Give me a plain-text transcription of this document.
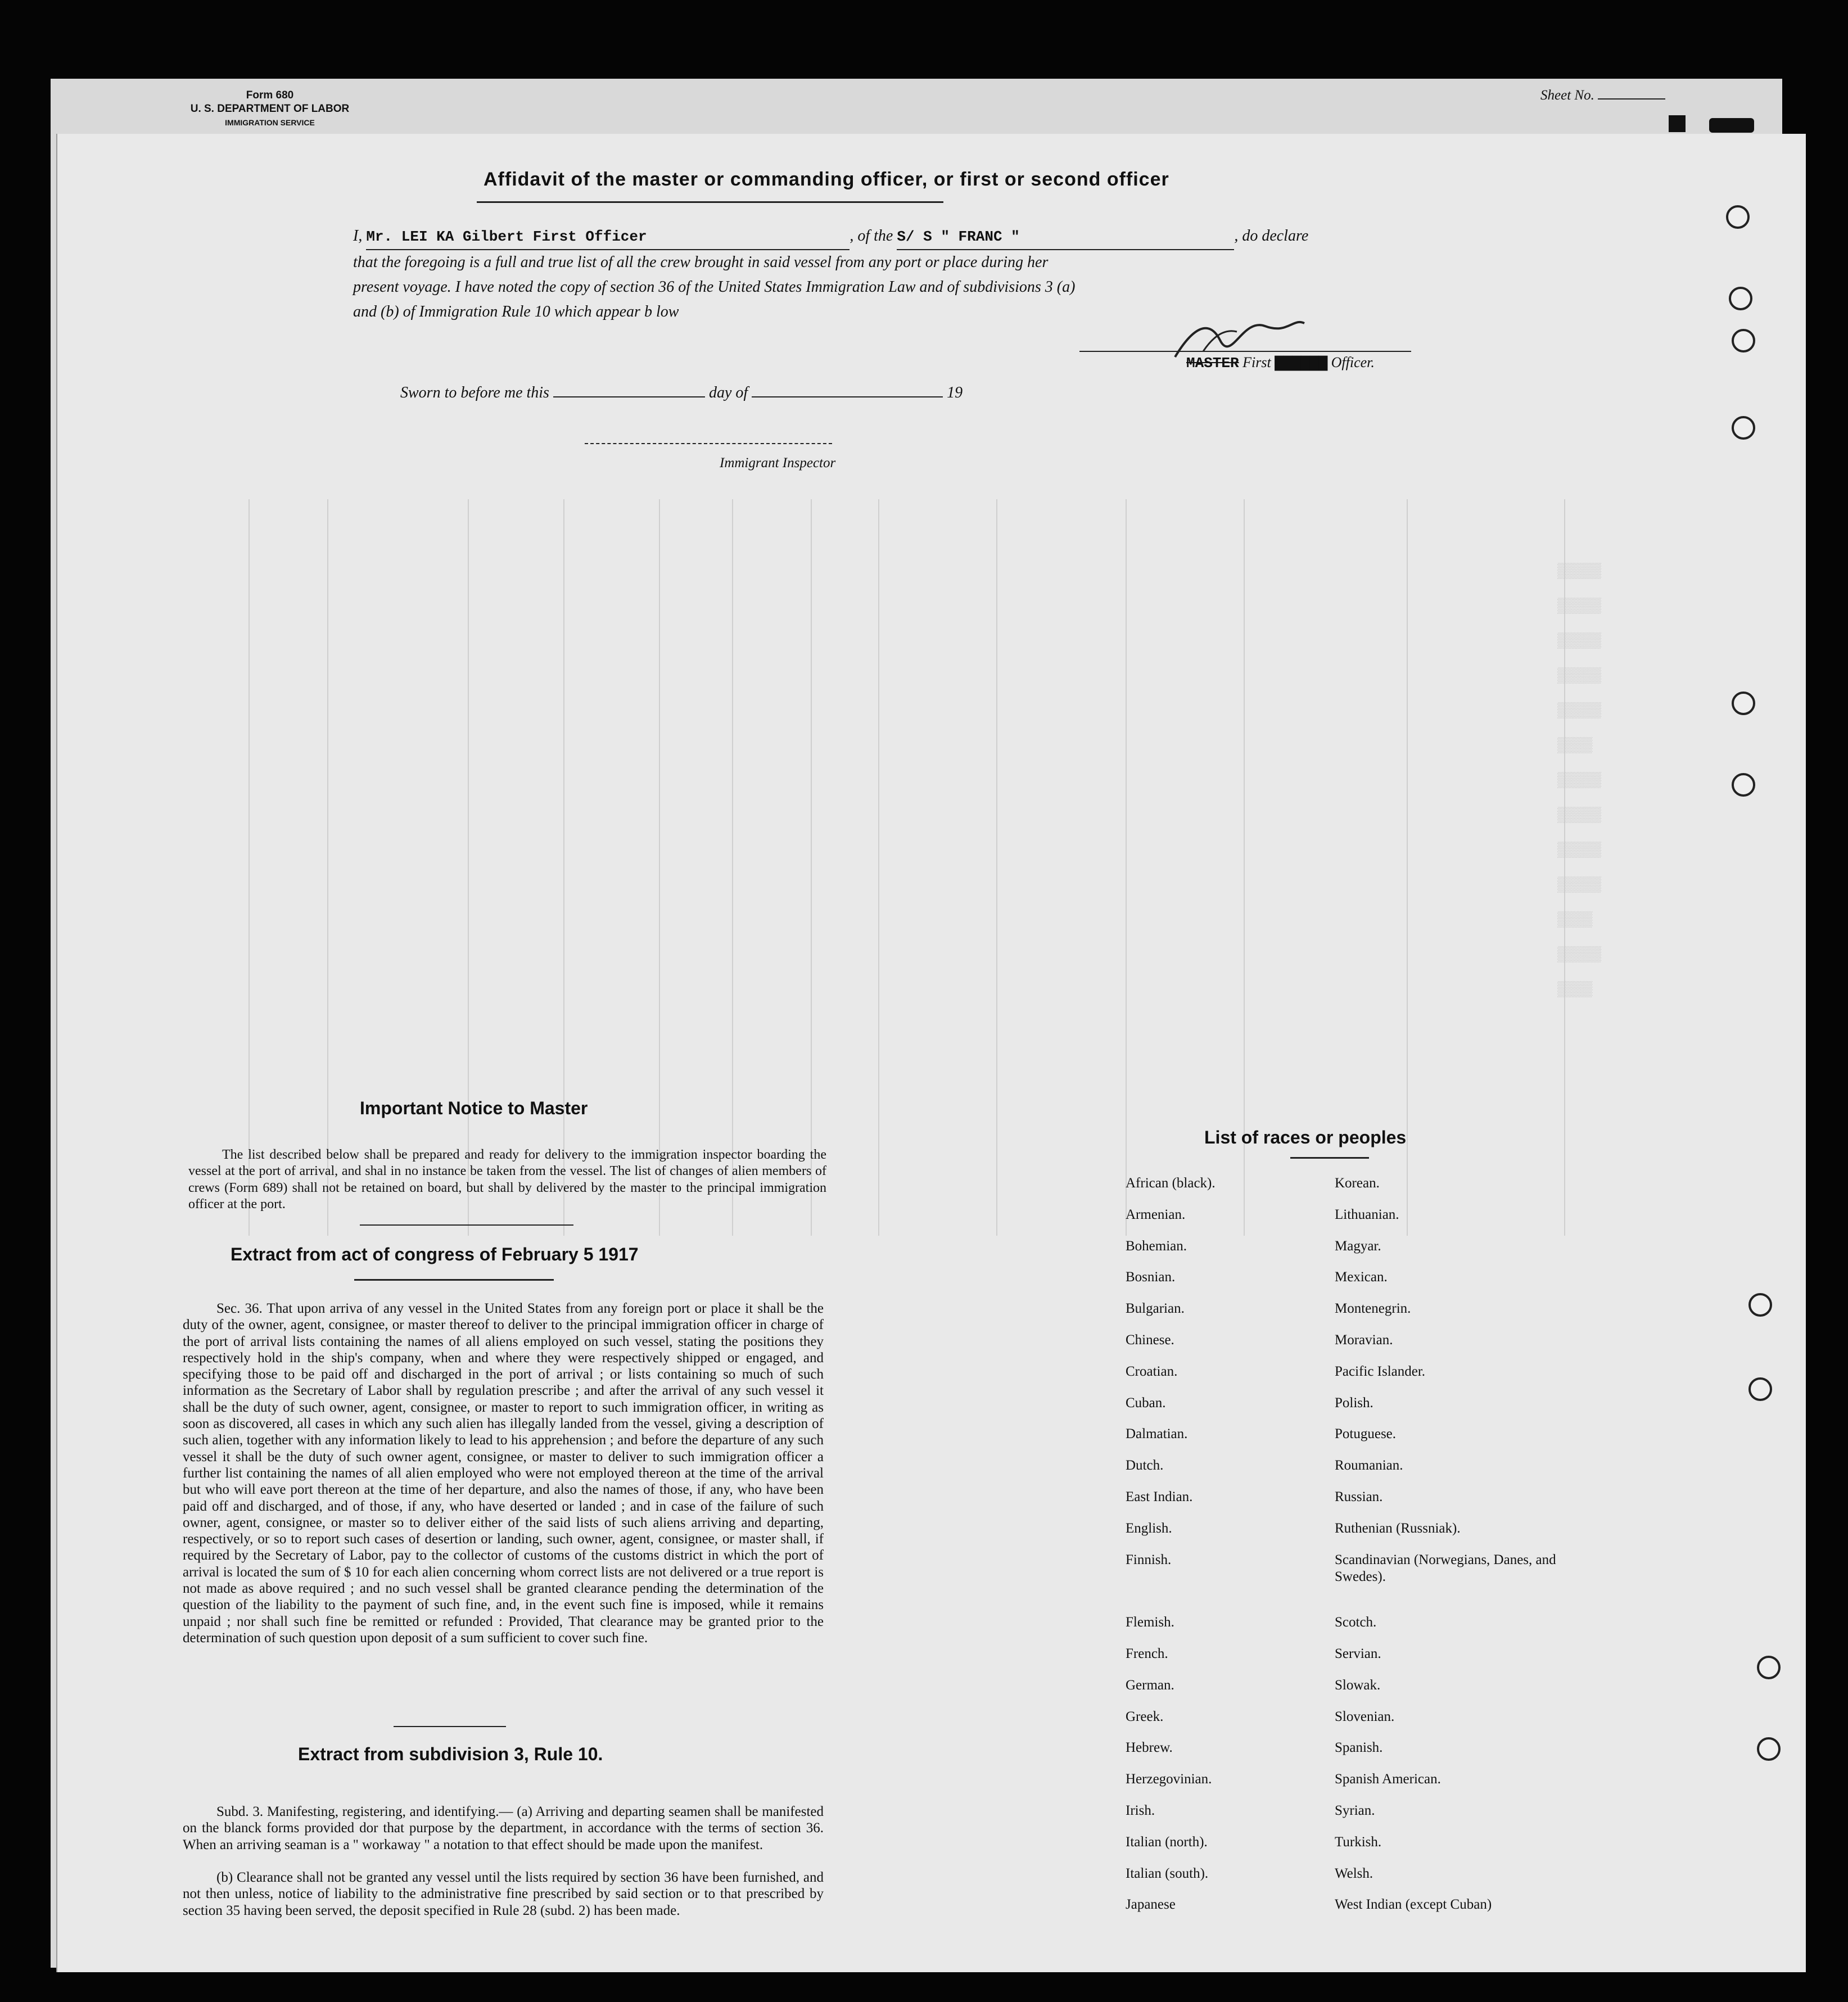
Form 680
U. S. DEPARTMENT OF LABOR
IMMIGRATION SERVICE
Sheet No.
Affidavit of the master or commanding officer, or first or second officer
I, Mr. LEI KA Gilbert First Officer	, of the S/ S " FRANC "	, do declare
that the foregoing is a full and true list of all the crew brought in said vessel from any port or place during her
present voyage. I have noted the copy of section 36 of the United States Immigration Law and of subdivisions 3 (a)
and (b) of Immigration Rule 10 which appear b low
MASTER First ▇▇▇▇▇▇ Officer.
Sworn to before me this	day of	19
Immigrant Inspector
▒▒▒▒▒
▒▒▒▒▒
▒▒▒▒▒
▒▒▒▒▒
▒▒▒▒▒
▒▒▒▒
▒▒▒▒▒
▒▒▒▒▒
▒▒▒▒▒
▒▒▒▒▒
▒▒▒▒
▒▒▒▒▒
▒▒▒▒
Important Notice to Master
The list described below shall be prepared and ready for delivery to the immigration inspector boarding the vessel at the port of arrival, and shal in no instance be taken from the vessel. The list of changes of alien members of crews (Form 689) shall not be retained on board, but shall by delivered by the master to the principal immigration officer at the port.
Extract from act of congress of February 5 1917
Sec. 36. That upon arriva of any vessel in the United States from any foreign port or place it shall be the duty of the owner, agent, consignee, or master thereof to deliver to the principal immigration officer in charge of the port of arrival lists containing the names of all aliens employed on such vessel, stating the positions they respectively hold in the ship's company, when and where they were respectively shipped or engaged, and specifying those to be paid off and discharged in the port of arrival ; or lists containing so much of such information as the Secretary of Labor shall by regulation prescribe ; and after the arrival of any such vessel it shall be the duty of such owner, agent, consignee, or master to report to such immigration officer, in writing as soon as discovered, all cases in which any such alien has illegally landed from the vessel, giving a description of such alien, together with any information likely to lead to his apprehension ; and before the departure of any such vessel it shall be the duty of such owner agent, consignee, or master to deliver to such immigration officer a further list containing the names of all alien employed who were not employed thereon at the time of the arrival but who will eave port thereon at the time of her departure, and also the names of those, if any, who have been paid off and discharged, and of those, if any, who have deserted or landed ; and in case of the failure of such owner, agent, consignee, or master so to deliver either of the said lists of such aliens arriving and departing, respectively, or so to report such cases of desertion or landing, such owner, agent, consignee, or master shall, if required by the Secretary of Labor, pay to the collector of customs of the customs district in which the port of arrival is located the sum of $ 10 for each alien concerning whom correct lists are not delivered or a true report is not made as above required ; and no such vessel shall be granted clearance pending the determination of the question of the liability to the payment of such fine, and, in the event such fine is imposed, while it remains unpaid ; nor shall such fine be remitted or refunded : Provided, That clearance may be granted prior to the determination of such question upon deposit of a sum sufficient to cover such fine.
Extract from subdivision 3, Rule 10.
Subd. 3. Manifesting, registering, and identifying.— (a) Arriving and departing seamen shall be manifested on the blanck forms provided dor that purpose by the department, in accordance with the terms of section 36. When an arriving seaman is a " workaway " a notation to that effect should be made upon the manifest.
(b) Clearance shall not be granted any vessel until the lists required by section 36 have been furnished, and not then unless, notice of liability to the administrative fine prescribed by said section or to that prescribed by section 35 having been served, the deposit specified in Rule 28 (subd. 2) has been made.
List of races or peoples
African (black).	Korean.
Armenian.	Lithuanian.
Bohemian.	Magyar.
Bosnian.	Mexican.
Bulgarian.	Montenegrin.
Chinese.	Moravian.
Croatian.	Pacific Islander.
Cuban.	Polish.
Dalmatian.	Potuguese.
Dutch.	Roumanian.
East Indian.	Russian.
English.	Ruthenian (Russniak).
Finnish.	Scandinavian (Norwegians, Danes, and Swedes).
Flemish.	Scotch.
French.	Servian.
German.	Slowak.
Greek.	Slovenian.
Hebrew.	Spanish.
Herzegovinian.	Spanish American.
Irish.	Syrian.
Italian (north).	Turkish.
Italian (south).	Welsh.
Japanese	West Indian (except Cuban)
